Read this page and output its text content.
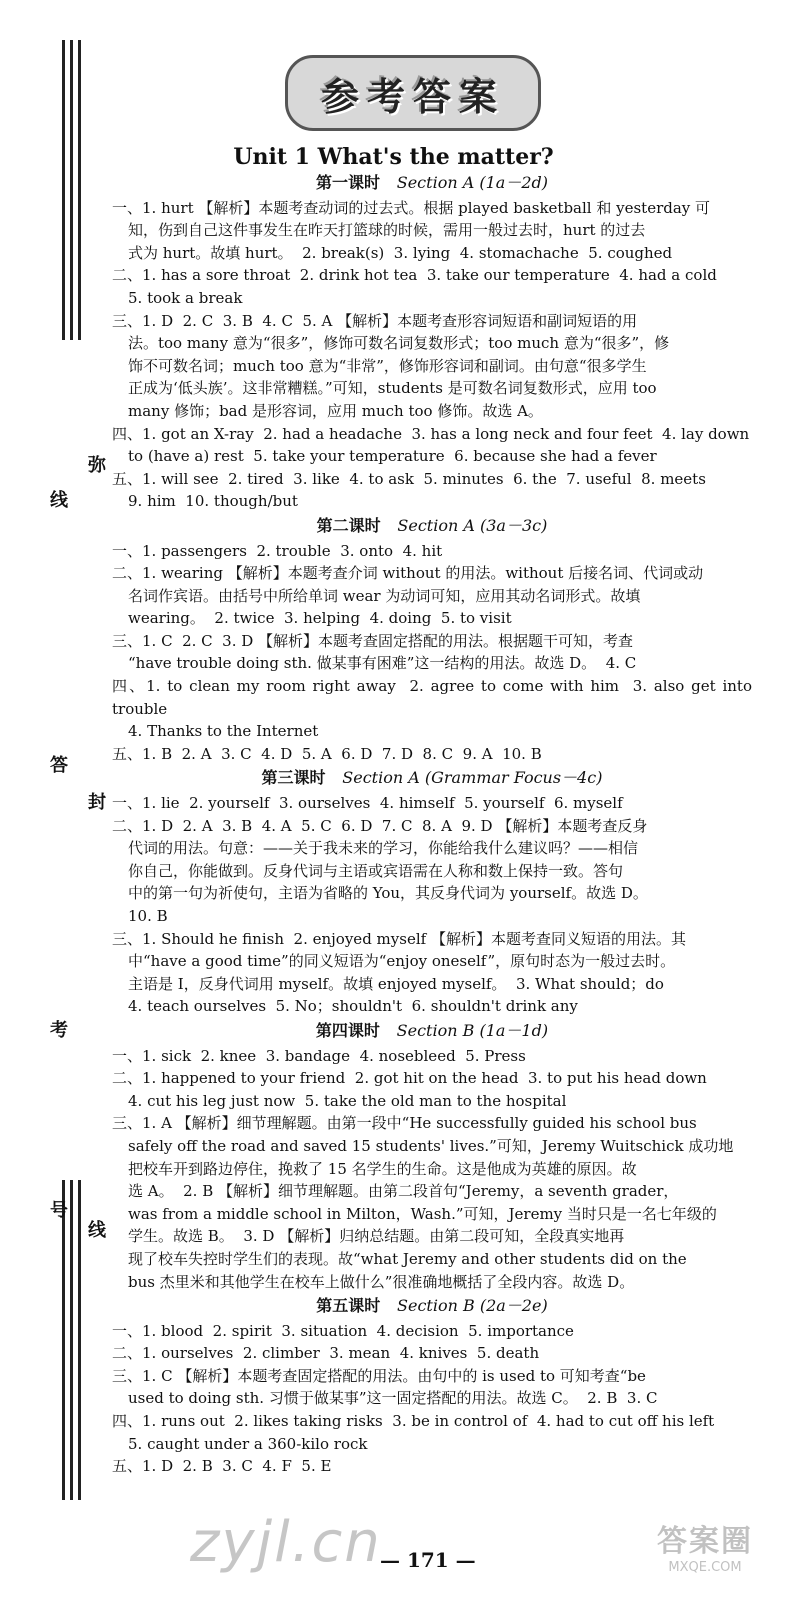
弥
线
答
封
考
号
线
参考答案
Unit 1 What's the matter?
第一课时 Section A (1a－2d)

一、1. hurt 【解析】本题考查动词的过去式。根据 played basketball 和 yesterday 可

知，伤到自己这件事发生在昨天打篮球的时候，需用一般过去时，hurt 的过去

式为 hurt。故填 hurt。  2. break(s)  3. lying  4. stomachache  5. coughed

二、1. has a sore throat  2. drink hot tea  3. take our temperature  4. had a cold

5. took a break

三、1. D  2. C  3. B  4. C  5. A 【解析】本题考查形容词短语和副词短语的用

法。too many 意为“很多”，修饰可数名词复数形式；too much 意为“很多”，修

饰不可数名词；much too 意为“非常”，修饰形容词和副词。由句意“很多学生

正成为‘低头族’。这非常糟糕。”可知，students 是可数名词复数形式，应用 too

many 修饰；bad 是形容词，应用 much too 修饰。故选 A。

四、1. got an X-ray  2. had a headache  3. has a long neck and four feet  4. lay down

to (have a) rest  5. take your temperature  6. because she had a fever

五、1. will see  2. tired  3. like  4. to ask  5. minutes  6. the  7. useful  8. meets

9. him  10. though/but

第二课时 Section A (3a－3c)

一、1. passengers  2. trouble  3. onto  4. hit

二、1. wearing 【解析】本题考查介词 without 的用法。without 后接名词、代词或动

名词作宾语。由括号中所给单词 wear 为动词可知，应用其动名词形式。故填

wearing。  2. twice  3. helping  4. doing  5. to visit

三、1. C  2. C  3. D 【解析】本题考查固定搭配的用法。根据题干可知，考查

“have trouble doing sth. 做某事有困难”这一结构的用法。故选 D。  4. C

四、1. to clean my room right away  2. agree to come with him  3. also get into trouble

4. Thanks to the Internet

五、1. B  2. A  3. C  4. D  5. A  6. D  7. D  8. C  9. A  10. B

第三课时 Section A (Grammar Focus－4c)

一、1. lie  2. yourself  3. ourselves  4. himself  5. yourself  6. myself

二、1. D  2. A  3. B  4. A  5. C  6. D  7. C  8. A  9. D 【解析】本题考查反身

代词的用法。句意：——关于我未来的学习，你能给我什么建议吗？——相信

你自己，你能做到。反身代词与主语或宾语需在人称和数上保持一致。答句

中的第一句为祈使句，主语为省略的 You，其反身代词为 yourself。故选 D。

10. B

三、1. Should he finish  2. enjoyed myself 【解析】本题考查同义短语的用法。其

中“have a good time”的同义短语为“enjoy oneself”，原句时态为一般过去时。

主语是 I，反身代词用 myself。故填 enjoyed myself。  3. What should；do

4. teach ourselves  5. No；shouldn't  6. shouldn't drink any

第四课时 Section B (1a－1d)

一、1. sick  2. knee  3. bandage  4. nosebleed  5. Press

二、1. happened to your friend  2. got hit on the head  3. to put his head down

4. cut his leg just now  5. take the old man to the hospital

三、1. A 【解析】细节理解题。由第一段中“He successfully guided his school bus

safely off the road and saved 15 students' lives.”可知，Jeremy Wuitschick 成功地

把校车开到路边停住，挽救了 15 名学生的生命。这是他成为英雄的原因。故

选 A。  2. B 【解析】细节理解题。由第二段首句“Jeremy，a seventh grader，

was from a middle school in Milton，Wash.”可知，Jeremy 当时只是一名七年级的

学生。故选 B。  3. D 【解析】归纳总结题。由第二段可知，全段真实地再

现了校车失控时学生们的表现。故“what Jeremy and other students did on the

bus 杰里米和其他学生在校车上做什么”很准确地概括了全段内容。故选 D。

第五课时 Section B (2a－2e)

一、1. blood  2. spirit  3. situation  4. decision  5. importance

二、1. ourselves  2. climber  3. mean  4. knives  5. death

三、1. C 【解析】本题考查固定搭配的用法。由句中的 is used to 可知考查“be

used to doing sth. 习惯于做某事”这一固定搭配的用法。故选 C。  2. B  3. C

四、1. runs out  2. likes taking risks  3. be in control of  4. had to cut off his left

5. caught under a 360-kilo rock

五、1. D  2. B  3. C  4. F  5. E

zyjl.cn
— 171 —
答案圈
MXQE.COM
